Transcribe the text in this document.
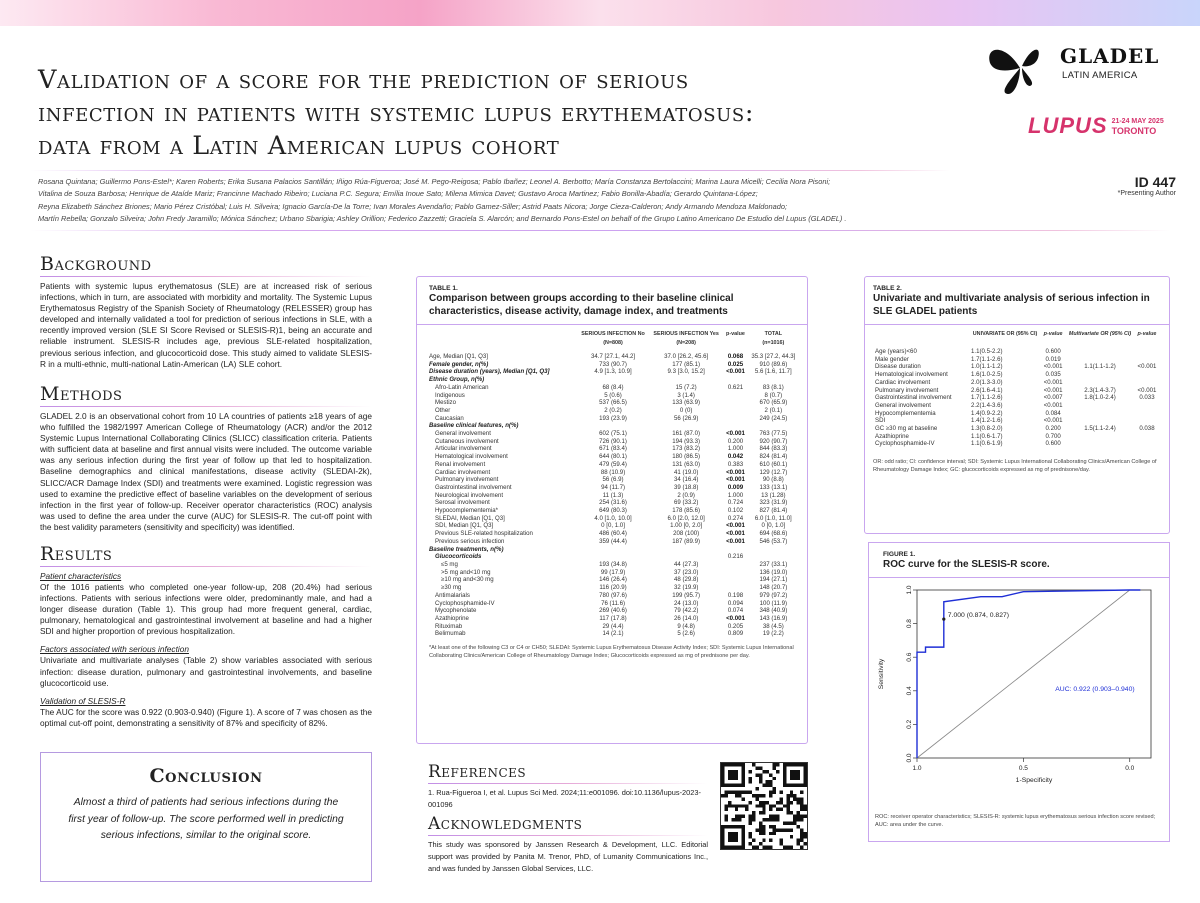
Validation of a score for the prediction of serious
infection in patients with systemic lupus erythematosus:
data from a Latin American lupus cohort
Rosana Quintana; Guillermo Pons-Estel*; Karen Roberts; Erika Susana Palacios Santillán; Iñigo Rúa-Figueroa; José M. Pego-Reigosa; Pablo Ibañez; Leonel A. Berbotto; María Constanza Bertolaccini; Marina Laura Micelli; Cecilia Nora Pisoni;
Vitalina de Souza Barbosa; Henrique de Ataíde Mariz; Francinne Machado Ribeiro; Luciana P.C. Segura; Emília Inoue Sato; Milena Mimica Davet; Gustavo Aroca Martinez; Fabio Bonilla-Abadía; Gerardo Quintana-López;
Reyna Elizabeth Sánchez Briones; Mario Pérez Cristóbal; Luis H. Silveira; Ignacio García-De la Torre; Ivan Morales Avendaño; Pablo Gamez-Siller; Astrid Paats Nicora; Jorge Cieza-Calderon; Andy Armando Mendoza Maldonado;
Martín Rebella; Gonzalo Silveira; John Fredy Jaramillo; Mónica Sánchez; Urbano Sbarigia; Ashley Orillion; Federico Zazzetti; Graciela S. Alarcón; and Bernardo Pons-Estel on behalf of the Grupo Latino Americano De Estudio del Lupus (GLADEL) .
ID 447
*Presenting Author
GLADEL
LATIN AMERICA
LUPUS 21-24 MAY 2025
TORONTO
Background
Patients with systemic lupus erythematosus (SLE) are at increased risk of serious infections, which in turn, are associated with morbidity and mortality. The Systemic Lupus Erythematosus Registry of the Spanish Society of Rheumatology (RELESSER) group has developed and internally validated a tool for prediction of serious infections in SLE, with a recently improved version (SLE SI Score Revised or SLESIS-R)1, being an accurate and reliable instrument. SLESIS-R includes age, previous SLE-related hospitalization, previous serious infection, and glucocorticoid dose. This study aimed to validate SLESIS-R in a multi-ethnic, multi-national Latin-American (LA) SLE cohort.
Methods
GLADEL 2.0 is an observational cohort from 10 LA countries of patients ≥18 years of age who fulfilled the 1982/1997 American College of Rheumatology (ACR) and/or the 2012 Systemic Lupus International Collaborating Clinics (SLICC) classification criteria. Patients with sufficient data at baseline and first annual visits were included. The outcome variable was any serious infection during the first year of follow up that led to hospitalization. Baseline demographics and clinical manifestations, disease activity (SLEDAI-2k), SLICC/ACR Damage Index (SDI) and treatments were examined. Logistic regression was used to examine the predictive effect of baseline variables on the development of serious infection in the first year of follow-up. Receiver operator characteristics (ROC) analysis was used to define the area under the curve (AUC) for SLESIS-R. The cut-off point with the best validity parameters (sensitivity and specificity) was identified.
Results
Patient characteristics
Of the 1016 patients who completed one-year follow-up, 208 (20.4%) had serious infections. Patients with serious infections were older, predominantly male, and had a longer disease duration (Table 1). This group had more frequent general, cardiac, pulmonary, hematological and gastrointestinal involvement at baseline and had a higher SDI and higher proportion of previous hospitalization.
Factors associated with serious infection
Univariate and multivariate analyses (Table 2) show variables associated with serious infection: disease duration, pulmonary and gastrointestinal involvements, and baseline glucocorticoid use.
Validation of SLESIS-R
The AUC for the score was 0.922 (0.903-0.940) (Figure 1). A score of 7 was chosen as the optimal cut-off point, demonstrating a sensitivity of 87% and specificity of 82%.
Conclusion

Almost a third of patients had serious infections during the first year of follow-up. The score performed well in predicting serious infections, similar to the original score.

TABLE 1.
Comparison between groups according to their baseline clinical characteristics, disease activity, damage index, and treatments
	SERIOUS INFECTION No	SERIOUS INFECTION Yes	p-value	TOTAL
	(N=808)	(N=208)		(n=1016)
Age, Median [Q1, Q3]	34.7 [27.1, 44.2]	37.0 [26.2, 45.6]	0.068	35.3 [27.2, 44.3]
Female gender, n(%)	733 (90.7)	177 (85.1)	0.025	910 (89.6)
Disease duration (years), Median [Q1, Q3]	4.9 [1.3, 10.9]	9.3 [3.0, 15.2]	<0.001	5.6 [1.6, 11.7]
Ethnic Group, n(%)				
Afro-Latin American	68 (8.4)	15 (7.2)	0.621	83 (8.1)
Indigenous	5 (0.6)	3 (1.4)		8 (0.7)
Mestizo	537 (66.5)	133 (63.9)		670 (65.9)
Other	2 (0.2)	0 (0)		2 (0.1)
Caucasian	193 (23.9)	56 (26.9)		249 (24.5)
Baseline clinical features, n(%)				
General involvement	602 (75.1)	161 (87.0)	<0.001	763 (77.5)
Cutaneous involvement	726 (90.1)	194 (93.3)	0.200	920 (90.7)
Articular involvement	671 (83.4)	173 (83.2)	1.000	844 (83.3)
Hematological involvement	644 (80.1)	180 (86.5)	0.042	824 (81.4)
Renal involvement	479 (59.4)	131 (63.0)	0.383	610 (60.1)
Cardiac involvement	88 (10.9)	41 (19.0)	<0.001	129 (12.7)
Pulmonary involvement	56 (6.9)	34 (16.4)	<0.001	90 (8.8)
Gastrointestinal involvement	94 (11.7)	39 (18.8)	0.009	133 (13.1)
Neurological involvement	11 (1.3)	2 (0.9)	1.000	13 (1.28)
Serosal involvement	254 (31.6)	69 (33.2)	0.724	323 (31.9)
Hypocomplementemia*	649 (80.3)	178 (85.6)	0.102	827 (81.4)
SLEDAI, Median [Q1, Q3]	4.0 [1.0, 10.0]	6.0 [2.0, 12.0]	0.274	6.0 [1.0, 11.0]
SDI, Median [Q1, Q3]	0 [0, 1.0]	1.00 [0, 2.0]	<0.001	0 [0, 1.0]
Previous SLE-related hospitalization	486 (60.4)	208 (100)	<0.001	694 (68.6)
Previous serious infection	359 (44.4)	187 (89.9)	<0.001	546 (53.7)
Baseline treatments, n(%)				
Glucocorticoids			0.216	
≤5 mg	193 (34.8)	44 (27.3)		237 (33.1)
>5 mg and<10 mg	99 (17.9)	37 (23.0)		136 (19.0)
≥10 mg and<30 mg	146 (26.4)	48 (29.8)		194 (27.1)
≥30 mg	116 (20.9)	32 (19.9)		148 (20.7)
Antimalarials	780 (97.6)	199 (95.7)	0.198	979 (97.2)
Cyclophosphamide-IV	76 (11.6)	24 (13.0)	0.094	100 (11.9)
Mycophenolate	269 (40.6)	79 (42.2)	0.074	348 (40.9)
Azathioprine	117 (17.8)	26 (14.0)	<0.001	143 (16.9)
Rituximab	29 (4.4)	9 (4.8)	0.205	38 (4.5)
Belimumab	14 (2.1)	5 (2.6)	0.809	19 (2.2)
*At least one of the following C3 or C4 or CH50; SLEDAI: Systemic Lupus Erythematosus Disease Activity Index; SDI: Systemic Lupus International Collaborating Clinics/American College of Rheumatology Damage Index; Glucocorticoids expressed as mg of prednisone per day.
TABLE 2.
Univariate and multivariate analysis of serious infection in SLE GLADEL patients
	UNIVARIATE OR (95% CI)	p-value	Multivariate OR (95% CI)	p-value
Age (years)<60	1.1(0.5-2.2)	0.600		
Male gender	1.7(1.1-2.6)	0.019		
Disease duration	1.0(1.1-1.2)	<0.001	1.1(1.1-1.2)	<0.001
Hematological involvement	1.6(1.0-2.5)	0.035		
Cardiac involvement	2.0(1.3-3.0)	<0.001		
Pulmonary involvement	2.6(1.6-4.1)	<0.001	2.3(1.4-3.7)	<0.001
Gastrointestinal involvement	1.7(1.1-2.6)	<0.007	1.8(1.0-2.4)	0.033
General involvement	2.2(1.4-3.6)	<0.001		
Hypocomplementemia	1.4(0.9-2.2)	0.084		
SDI	1.4(1.2-1.6)	<0.001		
GC ≥30 mg at baseline	1.3(0.8-2.0)	0.200	1.5(1.1-2.4)	0.038
Azathioprine	1.1(0.6-1.7)	0.700		
Cyclophosphamide-IV	1.1(0.6-1.9)	0.600		
OR: odd ratio; CI: confidence interval; SDI: Systemic Lupus International Collaborating Clinics/American College of Rheumatology Damage Index; GC: glucocorticoids expressed as mg of prednisone/day.
FIGURE 1.
ROC curve for the SLESIS-R score.
0.0
0.2
0.4
0.6
0.8
1.0
1.0	0.5	0.0
1-Specificity
Sensitivity
7.000 (0.874, 0.827)
AUC: 0.922 (0.903–0.940)
ROC: receiver operator characteristics; SLESIS-R: systemic lupus erythematosus serious infection score revised; AUC: area under the curve.
References
1. Rua-Figueroa I, et al. Lupus Sci Med. 2024;11:e001096. doi:10.1136/lupus-2023-001096
Acknowledgments
This study was sponsored by Janssen Research & Development, LLC. Editorial support was provided by Panita M. Trenor, PhD, of Lumanity Communications Inc., and was funded by Janssen Global Services, LLC.
